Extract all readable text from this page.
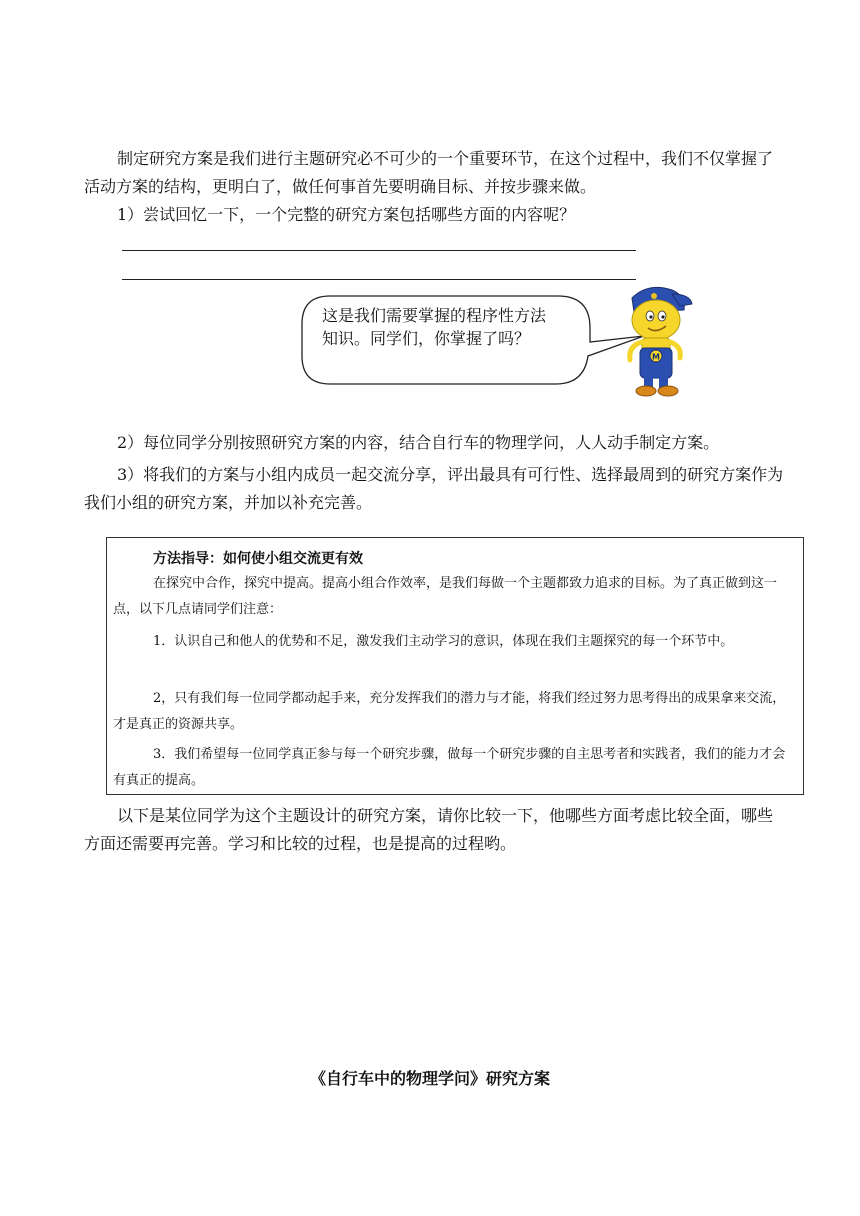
制定研究方案是我们进行主题研究必不可少的一个重要环节，在这个过程中，我们不仅掌握了活动方案的结构，更明白了，做任何事首先要明确目标、并按步骤来做。

1）尝试回忆一下，一个完整的研究方案包括哪些方面的内容呢？

这是我们需要掌握的程序性方法
知识。同学们，你掌握了吗？

M

2）每位同学分别按照研究方案的内容，结合自行车的物理学问，人人动手制定方案。

3）将我们的方案与小组内成员一起交流分享，评出最具有可行性、选择最周到的研究方案作为我们小组的研究方案，并加以补充完善。

方法指导：如何使小组交流更有效

在探究中合作，探究中提高。提高小组合作效率，是我们每做一个主题都致力追求的目标。为了真正做到这一点，以下几点请同学们注意：

1．认识自己和他人的优势和不足，激发我们主动学习的意识，体现在我们主题探究的每一个环节中。

2，只有我们每一位同学都动起手来，充分发挥我们的潜力与才能，将我们经过努力思考得出的成果拿来交流，才是真正的资源共享。

3．我们希望每一位同学真正参与每一个研究步骤，做每一个研究步骤的自主思考者和实践者，我们的能力才会有真正的提高。

以下是某位同学为这个主题设计的研究方案，请你比较一下，他哪些方面考虑比较全面，哪些方面还需要再完善。学习和比较的过程，也是提高的过程哟。

《自行车中的物理学问》研究方案
